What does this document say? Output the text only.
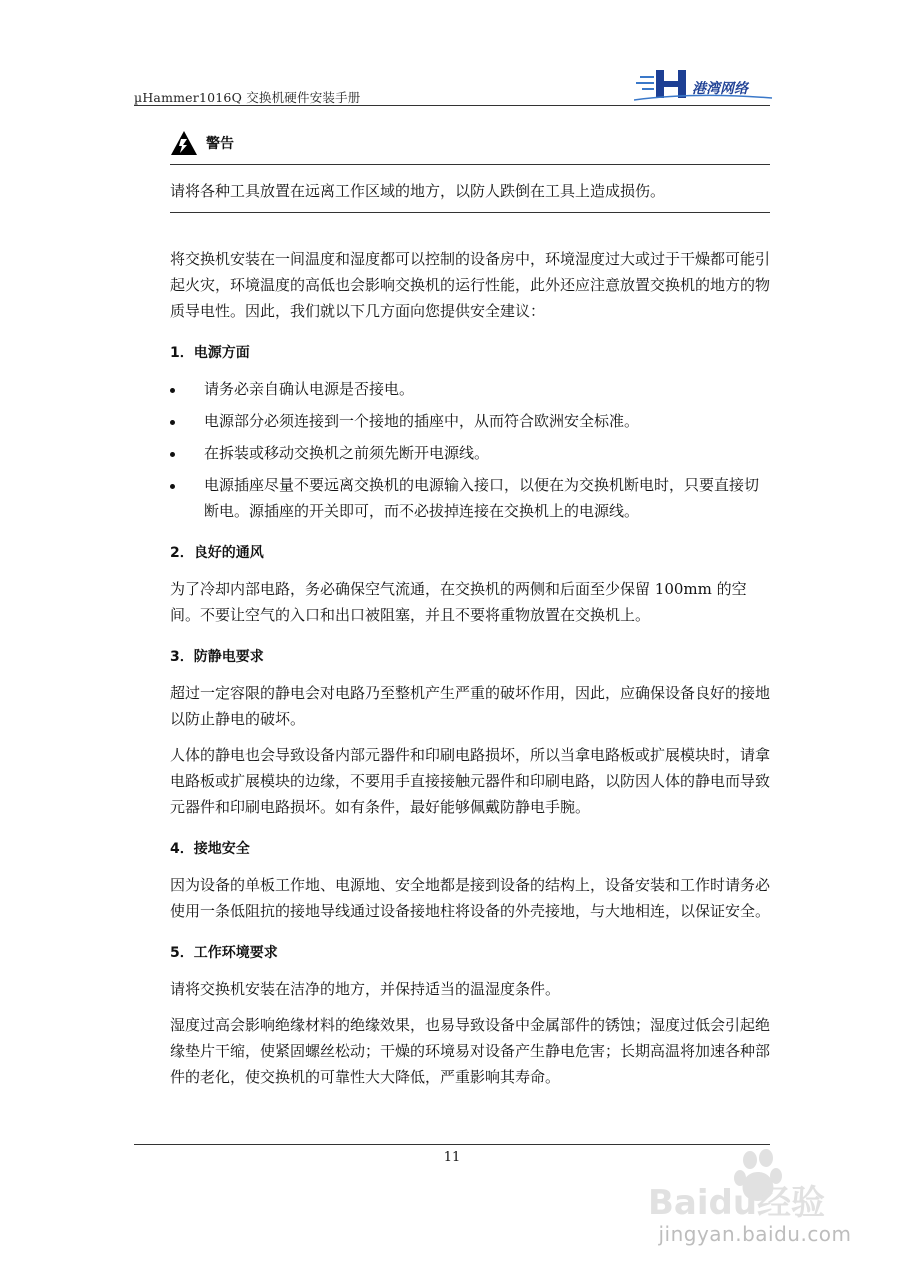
µHammer1016Q 交换机硬件安装手册
港湾网络
警告
请将各种工具放置在远离工作区域的地方，以防人跌倒在工具上造成损伤。

将交换机安装在一间温度和湿度都可以控制的设备房中，环境湿度过大或过于干燥都可能引起火灾，环境温度的高低也会影响交换机的运行性能，此外还应注意放置交换机的地方的物质导电性。因此，我们就以下几方面向您提供安全建议：

1．电源方面
请务必亲自确认电源是否接电。
电源部分必须连接到一个接地的插座中，从而符合欧洲安全标准。
在拆装或移动交换机之前须先断开电源线。
电源插座尽量不要远离交换机的电源输入接口，以便在为交换机断电时，只要直接切断电。源插座的开关即可，而不必拔掉连接在交换机上的电源线。
2．良好的通风

为了冷却内部电路，务必确保空气流通，在交换机的两侧和后面至少保留 100mm 的空间。不要让空气的入口和出口被阻塞，并且不要将重物放置在交换机上。

3．防静电要求

超过一定容限的静电会对电路乃至整机产生严重的破坏作用，因此，应确保设备良好的接地以防止静电的破坏。

人体的静电也会导致设备内部元器件和印刷电路损坏，所以当拿电路板或扩展模块时，请拿电路板或扩展模块的边缘，不要用手直接接触元器件和印刷电路，以防因人体的静电而导致元器件和印刷电路损坏。如有条件，最好能够佩戴防静电手腕。

4．接地安全

因为设备的单板工作地、电源地、安全地都是接到设备的结构上，设备安装和工作时请务必使用一条低阻抗的接地导线通过设备接地柱将设备的外壳接地，与大地相连，以保证安全。

5．工作环境要求

请将交换机安装在洁净的地方，并保持适当的温湿度条件。

湿度过高会影响绝缘材料的绝缘效果，也易导致设备中金属部件的锈蚀；湿度过低会引起绝缘垫片干缩，使紧固螺丝松动；干燥的环境易对设备产生静电危害；长期高温将加速各种部件的老化，使交换机的可靠性大大降低，严重影响其寿命。

11
Baidu经验
jingyan.baidu.com
